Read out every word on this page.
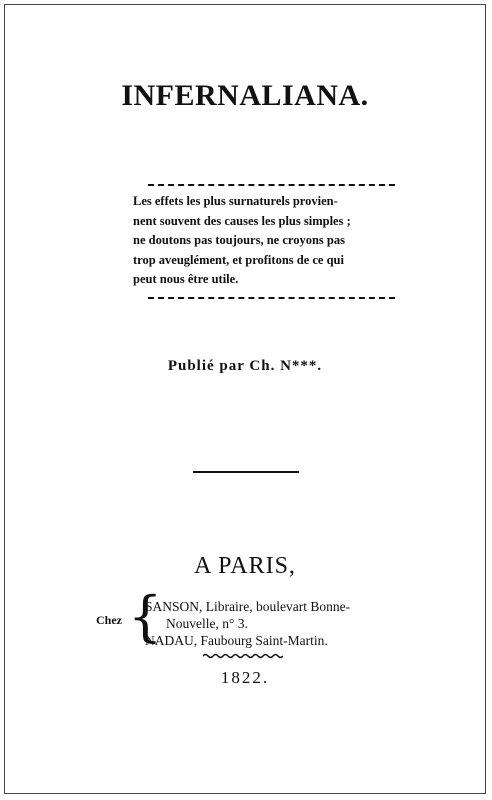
INFERNALIANA.
Les effets les plus surnaturels provien-
nent souvent des causes les plus simples ;
ne doutons pas toujours, ne croyons pas
trop aveuglément, et profitons de ce qui
peut nous être utile.
Publié par Ch. N***.
A PARIS,
Chez {
SANSON, Libraire, boulevart Bonne-
Nouvelle, n° 3.
NADAU, Faubourg Saint-Martin.
1822.
